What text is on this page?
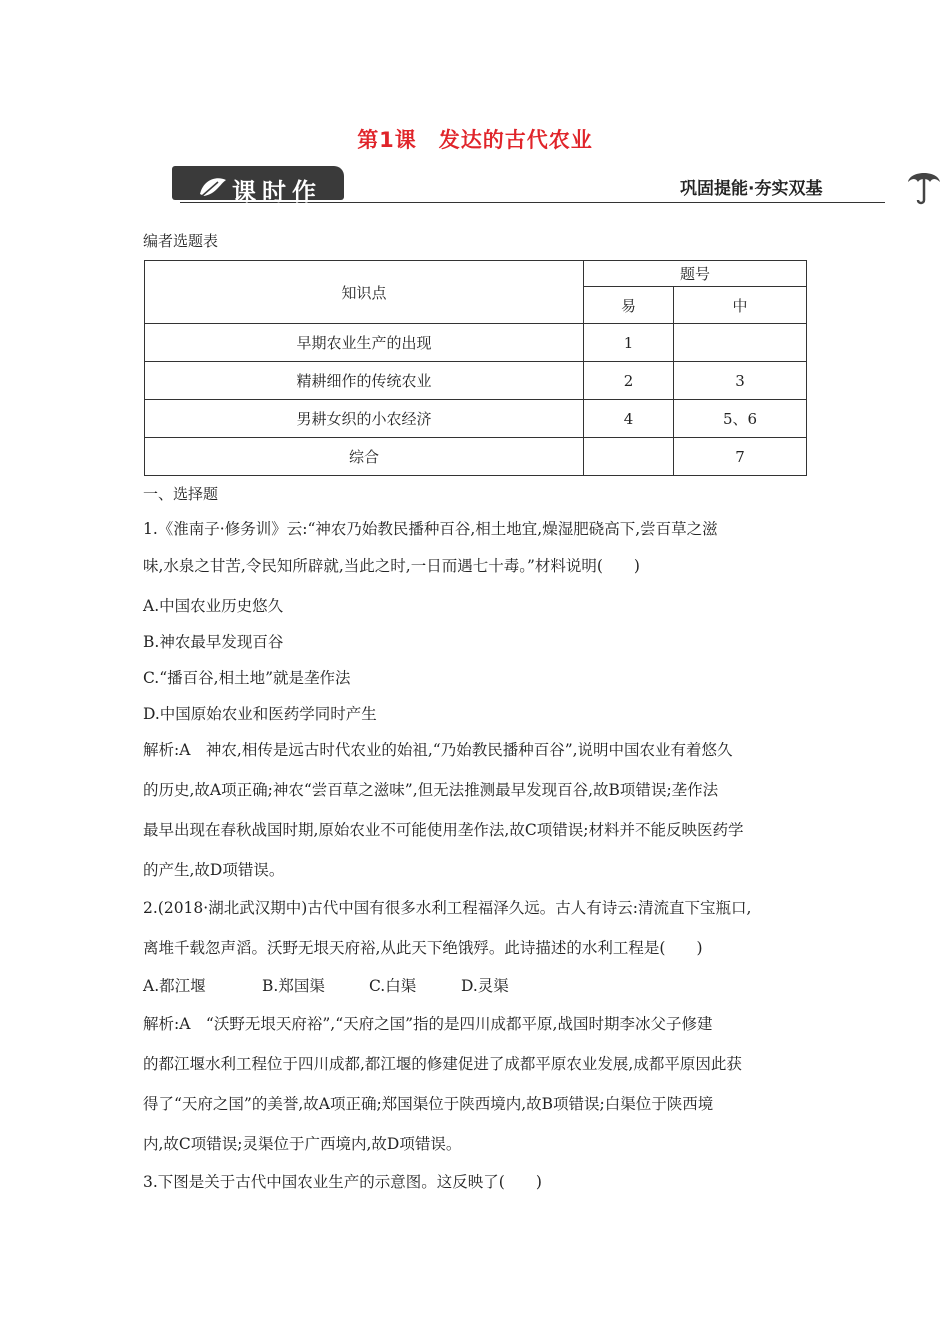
第1课　发达的古代农业
课时作业
巩固提能·夯实双基
编者选题表
知识点	题号	
	易	中
早期农业生产的出现	1	
精耕细作的传统农业	2	3
男耕女织的小农经济	4	5、6
综合		7
一、选择题
1.《淮南子·修务训》云:“神农乃始教民播种百谷,相土地宜,燥湿肥硗高下,尝百草之滋
味,水泉之甘苦,令民知所辟就,当此之时,一日而遇七十毒。”材料说明(　　)
A.中国农业历史悠久
B.神农最早发现百谷
C.“播百谷,相土地”就是垄作法
D.中国原始农业和医药学同时产生
解析:A　神农,相传是远古时代农业的始祖,“乃始教民播种百谷”,说明中国农业有着悠久
的历史,故A项正确;神农“尝百草之滋味”,但无法推测最早发现百谷,故B项错误;垄作法
最早出现在春秋战国时期,原始农业不可能使用垄作法,故C项错误;材料并不能反映医药学
的产生,故D项错误。
2.(2018·湖北武汉期中)古代中国有很多水利工程福泽久远。古人有诗云:清流直下宝瓶口,
离堆千载忽声滔。沃野无垠天府裕,从此天下绝饿殍。此诗描述的水利工程是(　　)
A.都江堰	B.郑国渠	C.白渠	D.灵渠
解析:A　“沃野无垠天府裕”,“天府之国”指的是四川成都平原,战国时期李冰父子修建
的都江堰水利工程位于四川成都,都江堰的修建促进了成都平原农业发展,成都平原因此获
得了“天府之国”的美誉,故A项正确;郑国渠位于陕西境内,故B项错误;白渠位于陕西境
内,故C项错误;灵渠位于广西境内,故D项错误。
3.下图是关于古代中国农业生产的示意图。这反映了(　　)
